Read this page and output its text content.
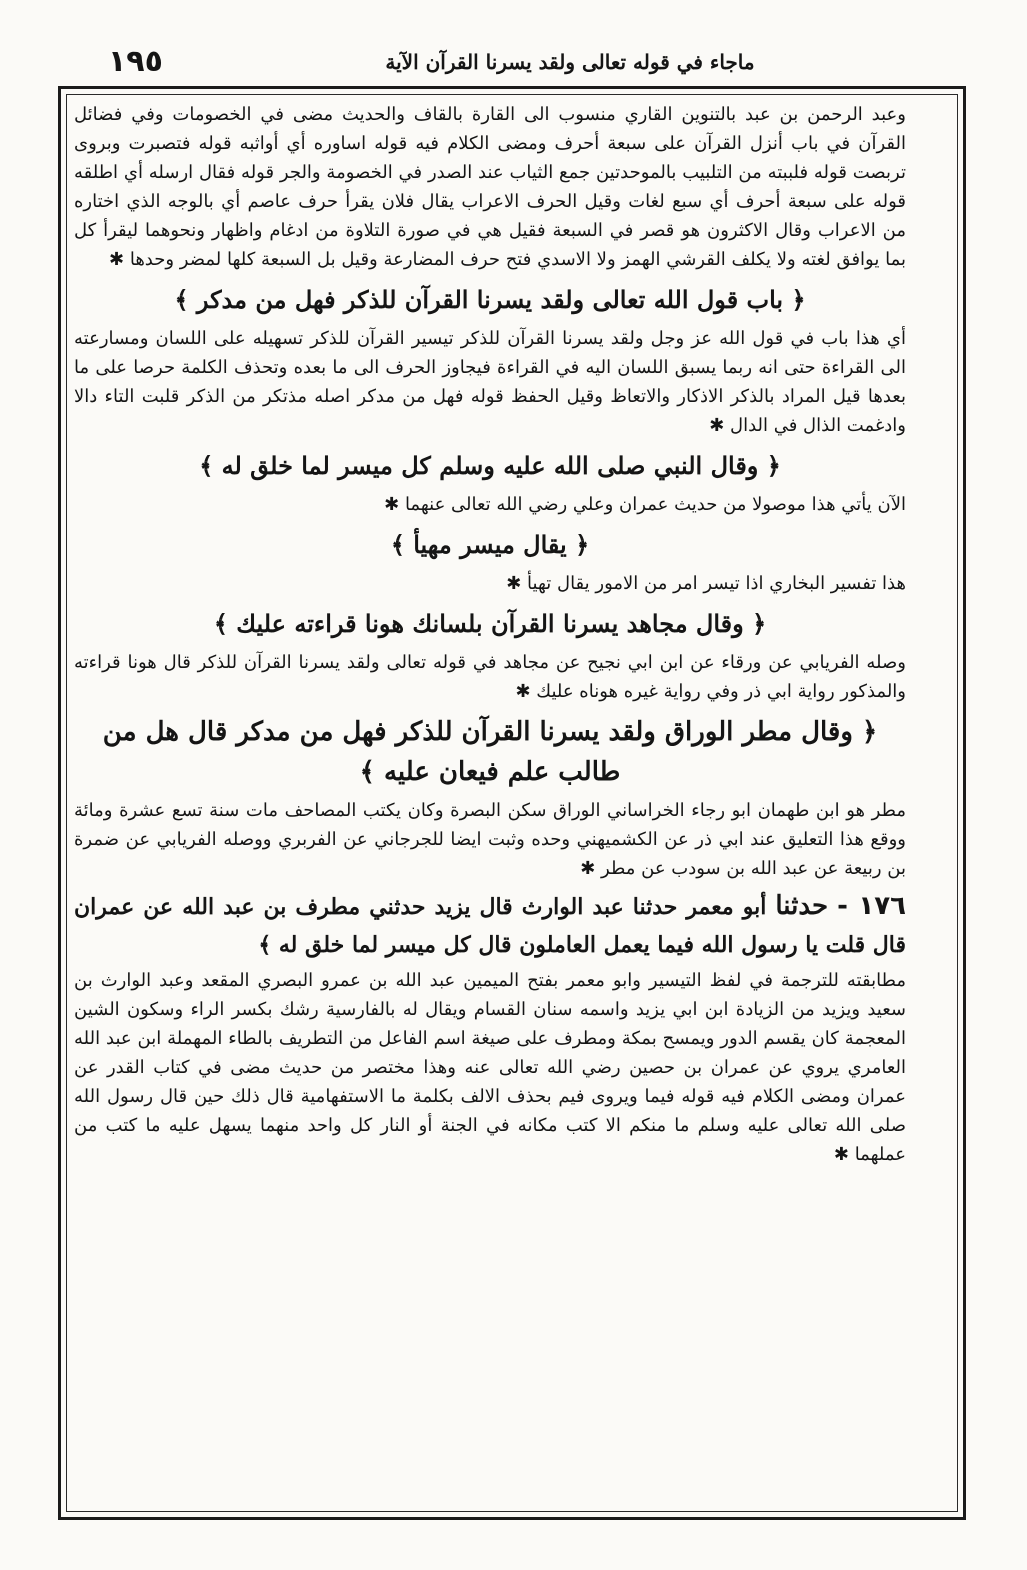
١٩٥	ماجاء في قوله تعالى ولقد يسرنا القرآن الآية

وعبد الرحمن بن عبد بالتنوين القاري منسوب الى القارة بالقاف والحديث مضى في الخصومات وفي فضائل القرآن في باب أنزل القرآن على سبعة أحرف ومضى الكلام فيه قوله اساوره أي أواثبه قوله فتصبرت وبروى تربصت قوله فلببته من التلبيب بالموحدتين جمع الثياب عند الصدر في الخصومة والجر قوله فقال ارسله أي اطلقه قوله على سبعة أحرف أي سبع لغات وقيل الحرف الاعراب يقال فلان يقرأ حرف عاصم أي بالوجه الذي اختاره من الاعراب وقال الاكثرون هو قصر في السبعة فقيل هي في صورة التلاوة من ادغام واظهار ونحوهما ليقرأ كل بما يوافق لغته ولا يكلف القرشي الهمز ولا الاسدي فتح حرف المضارعة وقيل بل السبعة كلها لمضر وحدها ✱

﴿ باب قول الله تعالى ولقد يسرنا القرآن للذكر فهل من مدكر ﴾

أي هذا باب في قول الله عز وجل ولقد يسرنا القرآن للذكر تيسير القرآن للذكر تسهيله على اللسان ومسارعته الى القراءة حتى انه ربما يسبق اللسان اليه في القراءة فيجاوز الحرف الى ما بعده وتحذف الكلمة حرصا على ما بعدها قيل المراد بالذكر الاذكار والاتعاظ وقيل الحفظ قوله فهل من مدكر اصله مذتكر من الذكر قلبت التاء دالا وادغمت الذال في الدال ✱

﴿ وقال النبي صلى الله عليه وسلم كل ميسر لما خلق له ﴾

الآن يأتي هذا موصولا من حديث عمران وعلي رضي الله تعالى عنهما ✱

﴿ يقال ميسر مهيأ ﴾

هذا تفسير البخاري اذا تيسر امر من الامور يقال تهيأ ✱

﴿ وقال مجاهد يسرنا القرآن بلسانك هونا قراءته عليك ﴾

وصله الفريابي عن ورقاء عن ابن ابي نجيح عن مجاهد في قوله تعالى ولقد يسرنا القرآن للذكر قال هونا قراءته والمذكور رواية ابي ذر وفي رواية غيره هوناه عليك ✱

﴿ وقال مطر الوراق ولقد يسرنا القرآن للذكر فهل من مدكر قال هل من طالب علم فيعان عليه ﴾

مطر هو ابن طهمان ابو رجاء الخراساني الوراق سكن البصرة وكان يكتب المصاحف مات سنة تسع عشرة ومائة ووقع هذا التعليق عند ابي ذر عن الكشميهني وحده وثبت ايضا للجرجاني عن الفربري ووصله الفريابي عن ضمرة بن ربيعة عن عبد الله بن سودب عن مطر ✱

١٧٦ - حدثنا أبو معمر حدثنا عبد الوارث قال يزيد حدثني مطرف بن عبد الله عن عمران قال قلت يا رسول الله فيما يعمل العاملون قال كل ميسر لما خلق له ﴾

مطابقته للترجمة في لفظ التيسير وابو معمر بفتح الميمين عبد الله بن عمرو البصري المقعد وعبد الوارث بن سعيد ويزيد من الزيادة ابن ابي يزيد واسمه سنان القسام ويقال له بالفارسية رشك بكسر الراء وسكون الشين المعجمة كان يقسم الدور ويمسح بمكة ومطرف على صيغة اسم الفاعل من التطريف بالطاء المهملة ابن عبد الله العامري يروي عن عمران بن حصين رضي الله تعالى عنه وهذا مختصر من حديث مضى في كتاب القدر عن عمران ومضى الكلام فيه قوله فيما ويروى فيم بحذف الالف بكلمة ما الاستفهامية قال ذلك حين قال رسول الله صلى الله تعالى عليه وسلم ما منكم الا كتب مكانه في الجنة أو النار كل واحد منهما يسهل عليه ما كتب من عملهما ✱
